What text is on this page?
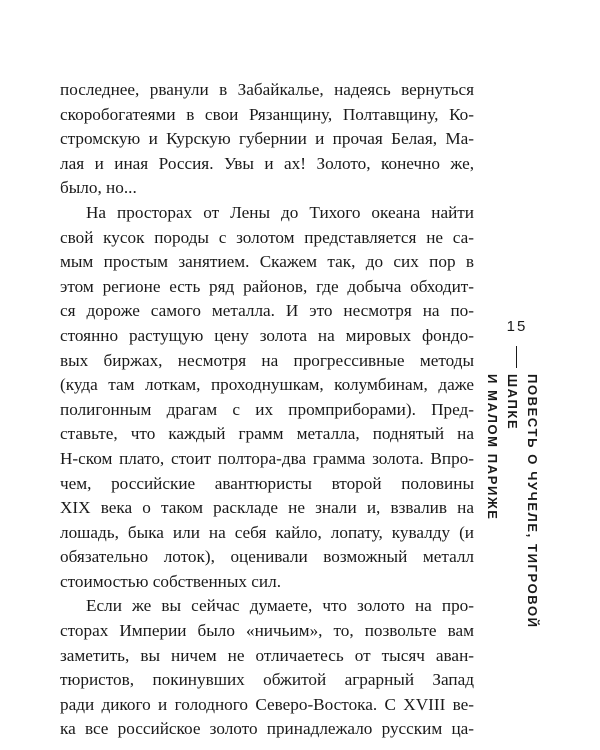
последнее, рванули в Забайкалье, надеясь вернуться
скоробогатеями в свои Рязанщину, Полтавщину, Ко-
стромскую и Курскую губернии и прочая Белая, Ма-
лая и иная Россия. Увы и ах! Золото, конечно же,
было, но...

На просторах от Лены до Тихого океана найти
свой кусок породы с золотом представляется не са-
мым простым занятием. Скажем так, до сих пор в
этом регионе есть ряд районов, где добыча обходит-
ся дороже самого металла. И это несмотря на по-
стоянно растущую цену золота на мировых фондо-
вых биржах, несмотря на прогрессивные методы
(куда там лоткам, проходнушкам, колумбинам, даже
полигонным драгам с их промприборами). Пред-
ставьте, что каждый грамм металла, поднятый на
Н-ском плато, стоит полтора-два грамма золота. Впро-
чем, российские авантюристы второй половины
XIX века о таком раскладе не знали и, взвалив на
лошадь, быка или на себя кайло, лопату, кувалду (и
обязательно лоток), оценивали возможный металл
стоимостью собственных сил.

Если же вы сейчас думаете, что золото на про-
сторах Империи было «ничьим», то, позвольте вам
заметить, вы ничем не отличаетесь от тысяч аван-
тюристов, покинувших обжитой аграрный Запад
ради дикого и голодного Северо-Востока. С XVIII ве-
ка все российское золото принадлежало русским ца-

15
ПОВЕСТЬ О ЧУЧЕЛЕ, ТИГРОВОЙ ШАПКЕ
И МАЛОМ ПАРИЖЕ
